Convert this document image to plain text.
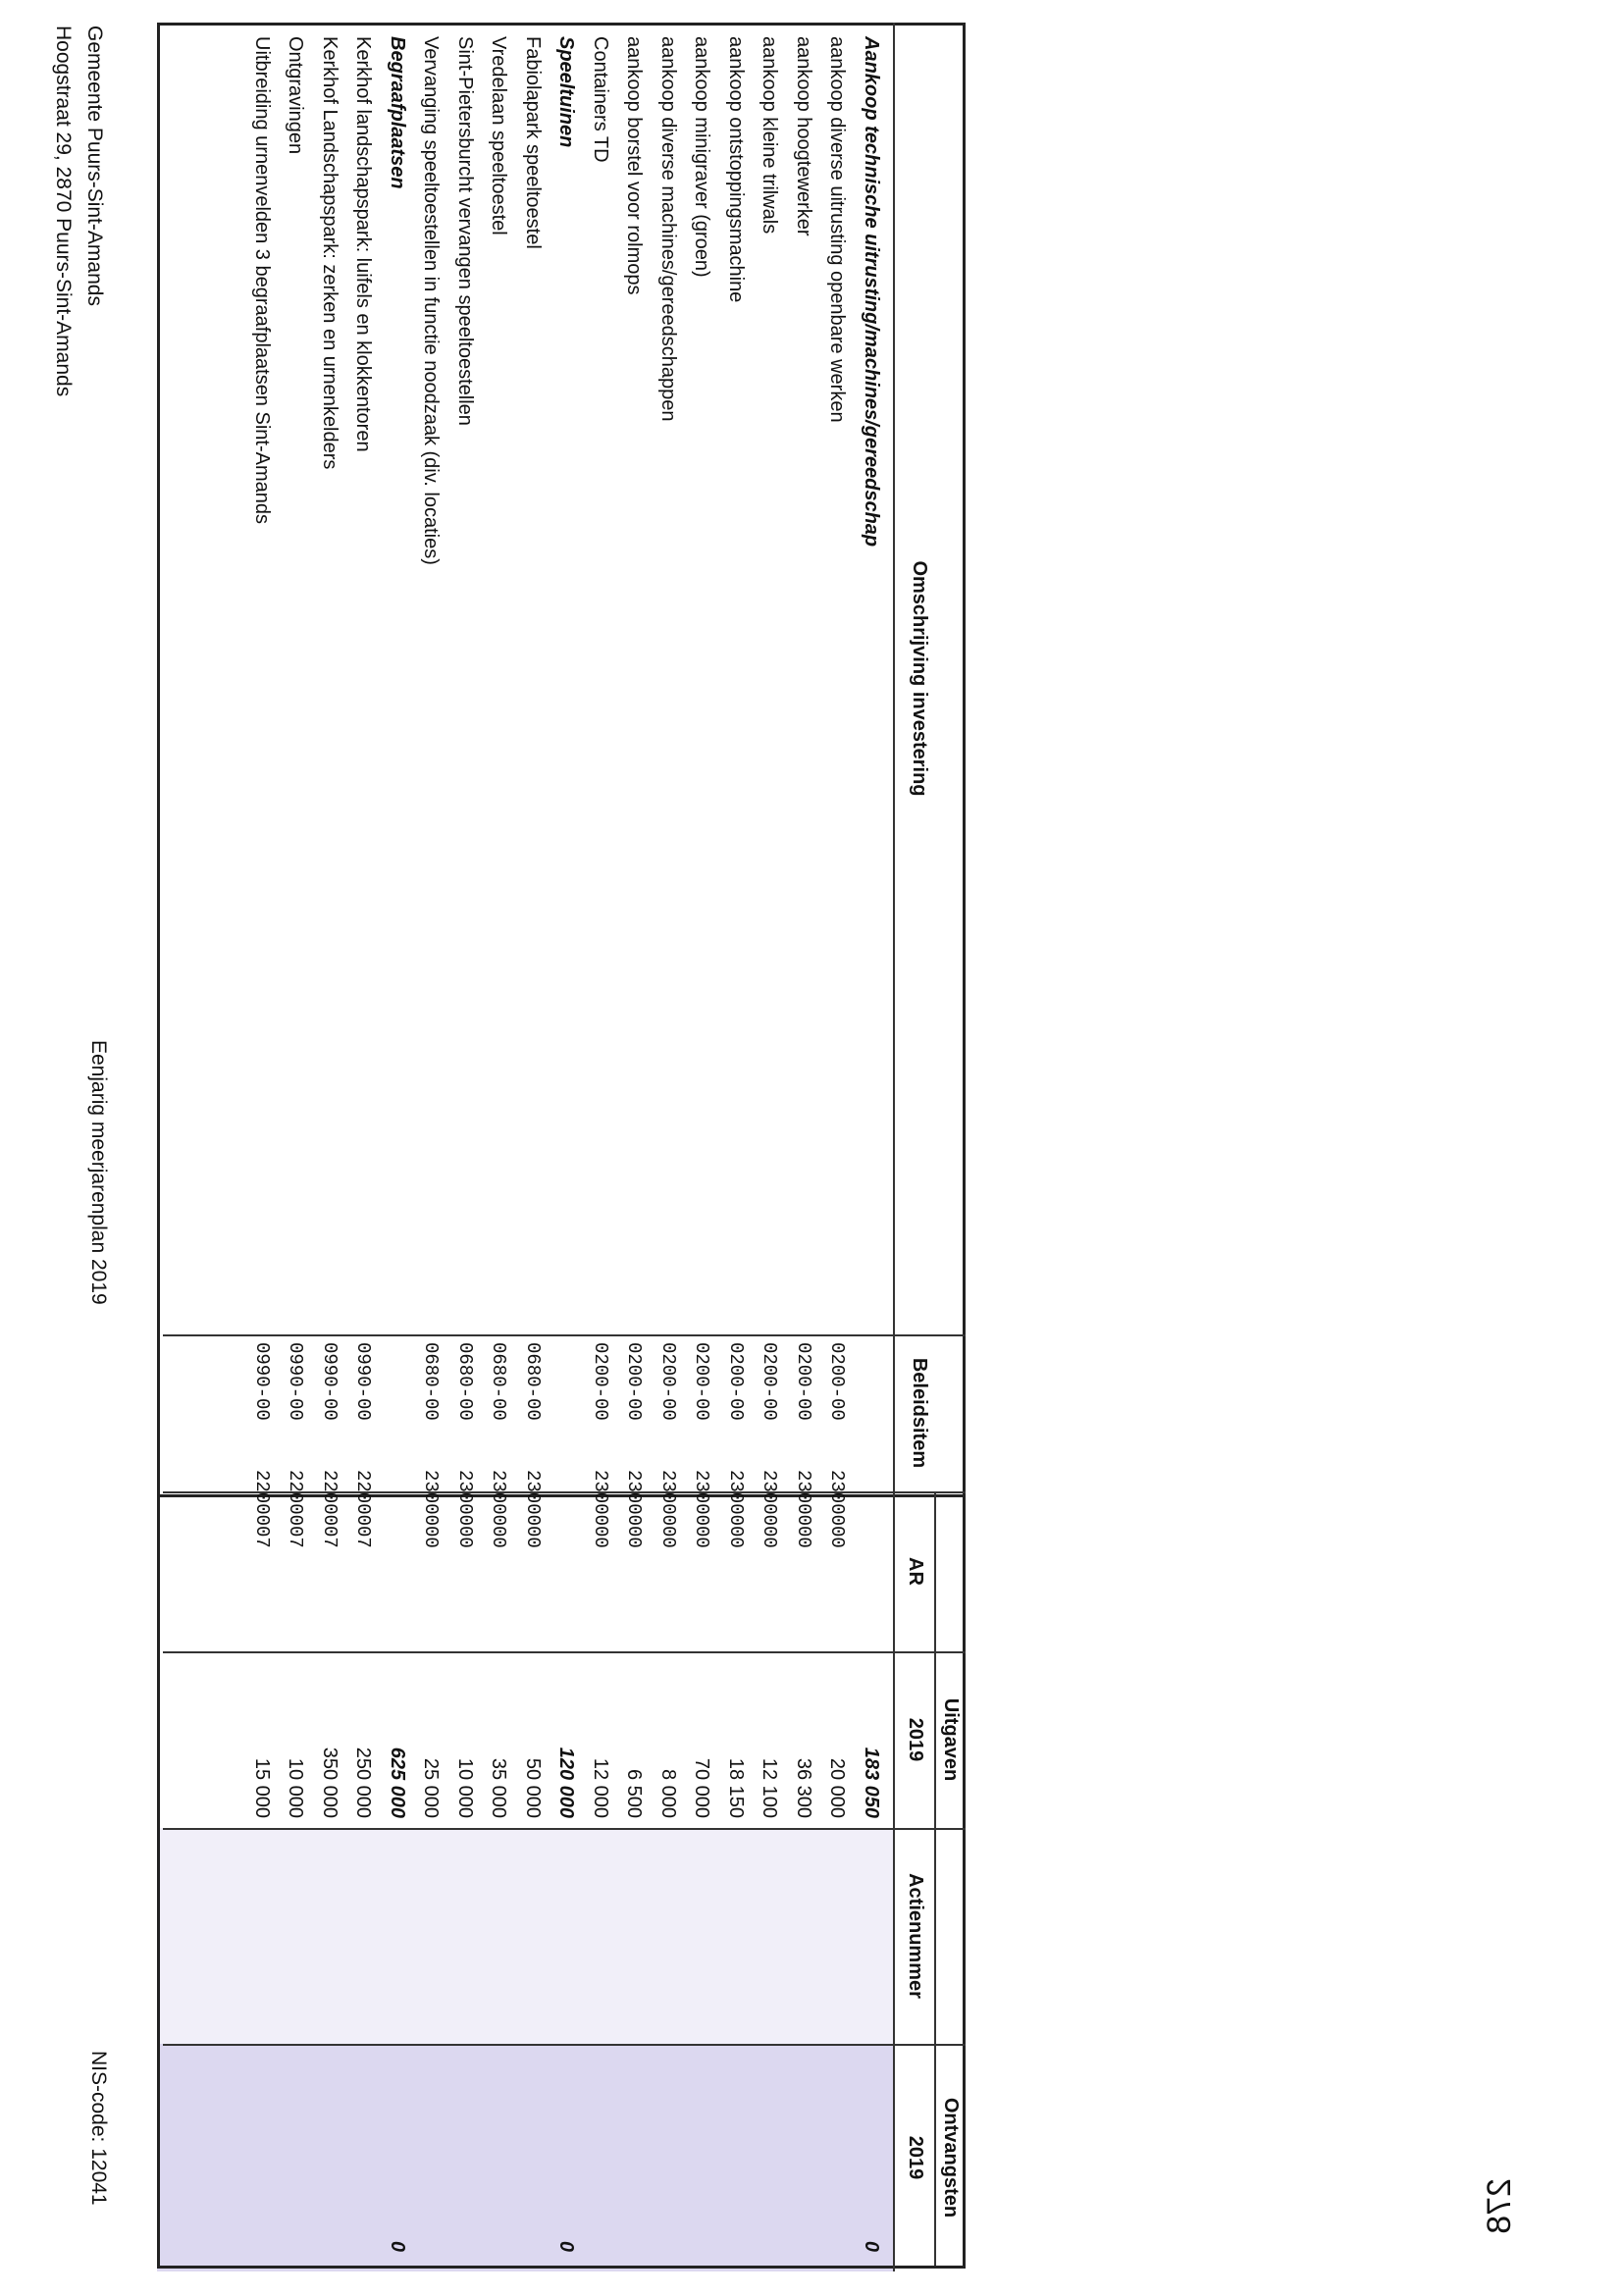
278
Omschrijving investering
Beleidsitem
AR
Uitgaven
2019
Actienummer
Ontvangsten
2019
Aankoop technische uitrusting/machines/gereedschap
183 050
0
aankoop diverse uitrusting openbare werken
0200-00
2300000
20 000
aankoop hoogtewerker
0200-00
2300000
36 300
aankoop kleine trilwals
0200-00
2300000
12 100
aankoop ontstoppingsmachine
0200-00
2300000
18 150
aankoop minigraver (groen)
0200-00
2300000
70 000
aankoop diverse machines/gereedschappen
0200-00
2300000
8 000
aankoop borstel voor rolmops
0200-00
2300000
6 500
Containers TD
0200-00
2300000
12 000
Speeltuinen
120 000
0
Fabiolapark speeltoestel
0680-00
2300000
50 000
Vredelaan speeltoestel
0680-00
2300000
35 000
Sint-Pietersburcht vervangen speeltoestellen
0680-00
2300000
10 000
Vervanging speeltoestellen in functie noodzaak (div. locaties)
0680-00
2300000
25 000
Begraafplaatsen
625 000
0
Kerkhof landschapspark: luifels en klokkentoren
0990-00
2200007
250 000
Kerkhof Landschapspark: zerken en urnenkelders
0990-00
2200007
350 000
Ontgravingen
0990-00
2200007
10 000
Uitbreiding urnenvelden 3 begraafplaatsen Sint-Amands
0990-00
2200007
15 000
Gemeente Puurs-Sint-Amands
Hoogstraat 29, 2870 Puurs-Sint-Amands
Eenjarig meerjarenplan 2019
NIS-code: 12041
